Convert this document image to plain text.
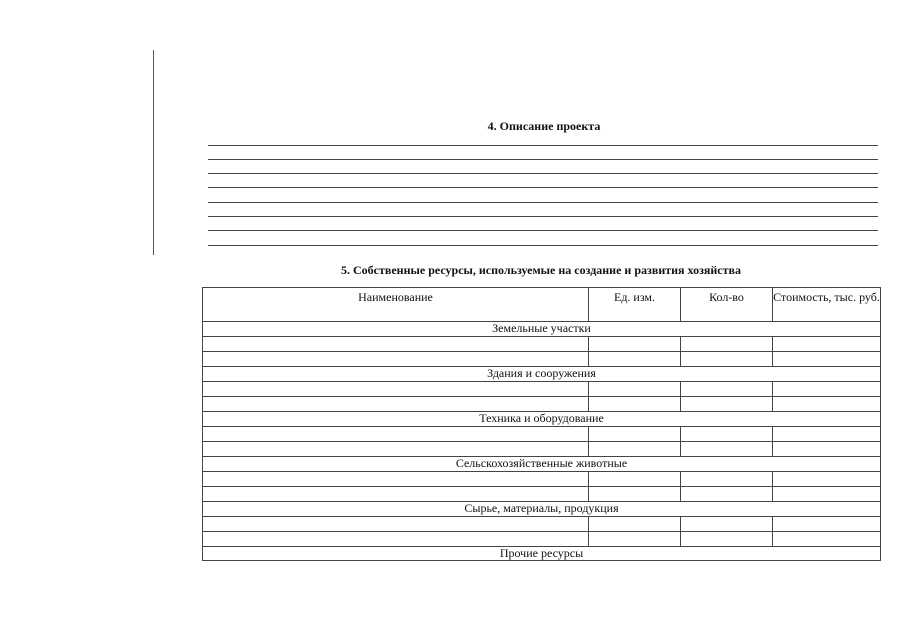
4. Описание проекта
5. Собственные ресурсы, используемые на создание и развития хозяйства
Наименование	Ед. изм.	Кол-во	Стоимость, тыс. руб.
Земельные участки			

Здания и сооружения			

Техника и оборудование			

Сельскохозяйственные животные			

Сырье, материалы, продукция			

Прочие ресурсы			
